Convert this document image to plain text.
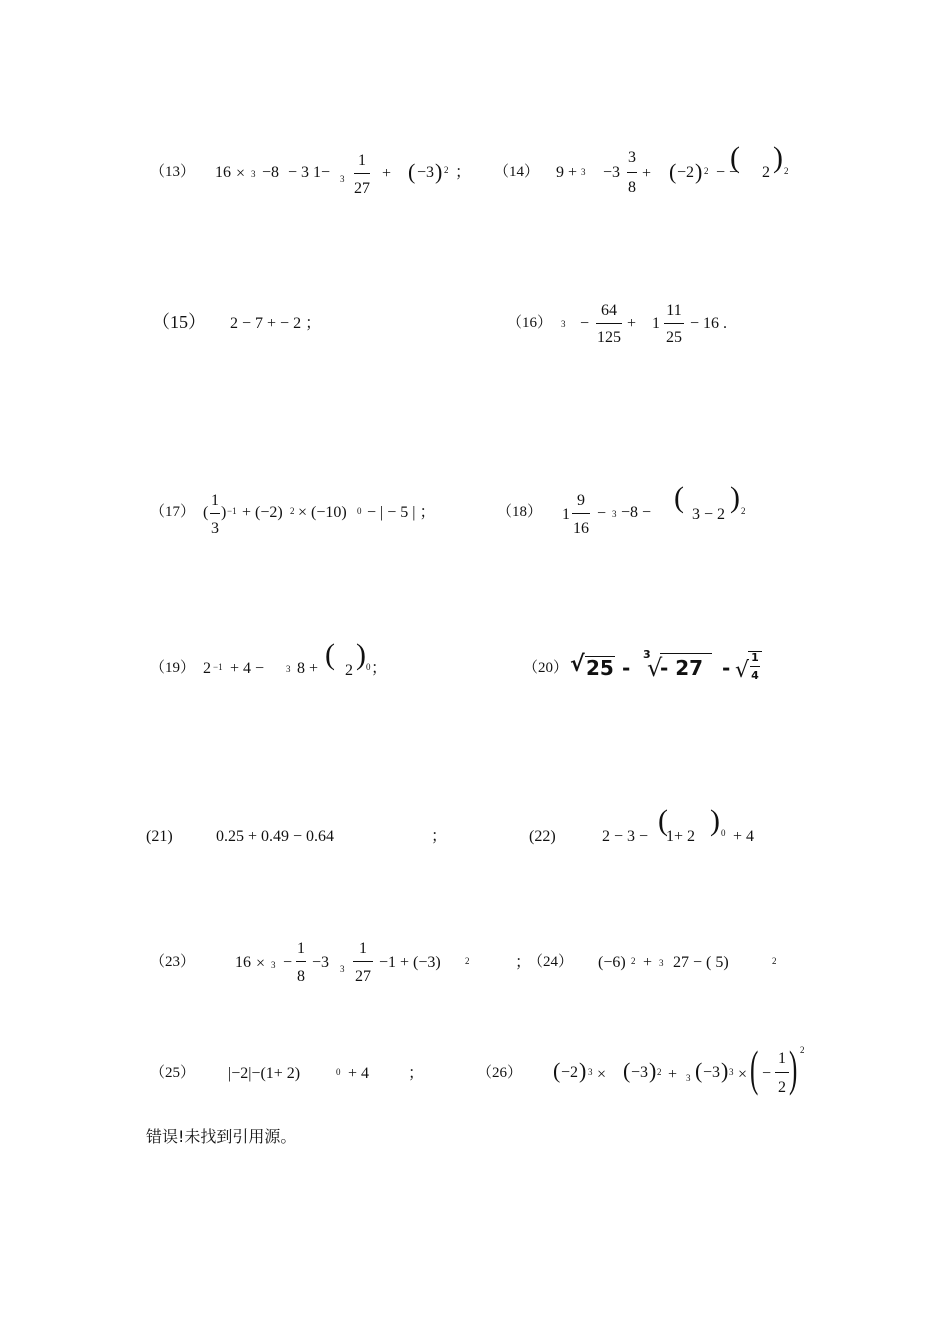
（13） 16 × 3 −8 − 3 1− 3
1
27
+ ( −3 ) 2 ； （14） 9 + 3 −3
3
8
+ ( −2 ) 2 − −
( 2 ) 2
（15） 2 − 7 + − 2 ；	（16） 3 −
64
125
+ 1
11
25
− 16 .
（17） (
1
3
) −1 + (−2) 2 × (−10) 0 − | − 5 | ；	（18） 1
9
16
− 3 −8 − (
3 − 2
) 2
（19） 2 −1 + 4 − 3 8 + ( 2 ) 0 ；	（20） √ 25 -
3
√
- 27 - √
1
4
(21)	0.25 + 0.49 − 0.64	；	(22)	2 − 3 − (
1+ 2 ) 0 + 4
（23） 16 × 3 −
1
8
−3 3
1
27
−1 + (−3)	2	；
（24） (−6) 2 + 3 27 − ( 5)	2
（25） |−2|−(1+ 2)	0 + 4 ；	（26） ( −2 ) 3 × ( −3 ) 2 + 3 ( −3 ) 3 × ( −
1
2 ) 2
错误!未找到引用源。
